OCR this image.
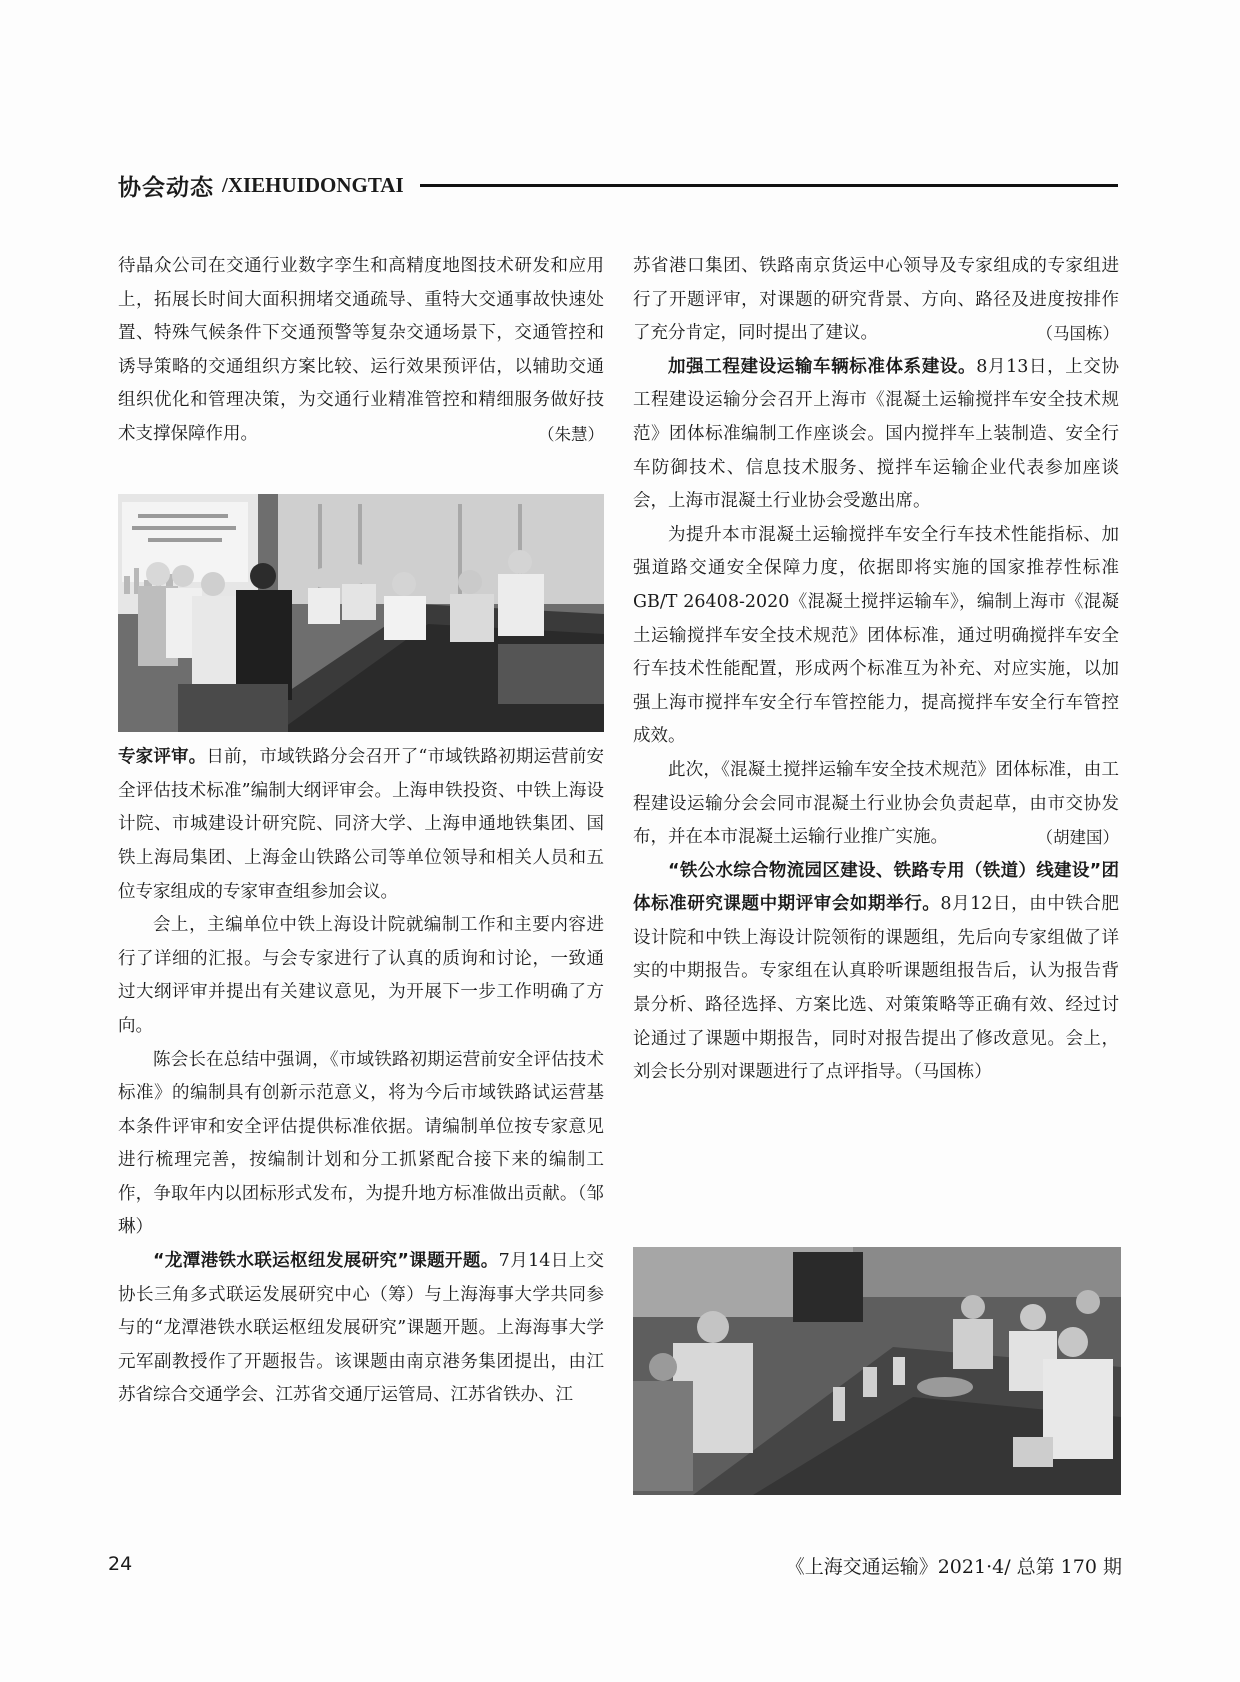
协会动态 /XIEHUIDONGTAI

待晶众公司在交通行业数字孪生和高精度地图技术研发和应用上，拓展长时间大面积拥堵交通疏导、重特大交通事故快速处置、特殊气候条件下交通预警等复杂交通场景下，交通管控和诱导策略的交通组织方案比较、运行效果预评估，以辅助交通组织优化和管理决策，为交通行业精准管控和精细服务做好技术支撑保障作用。	（朱慧）

专家评审。日前，市域铁路分会召开了“市域铁路初期运营前安全评估技术标准”编制大纲评审会。上海申铁投资、中铁上海设计院、市城建设计研究院、同济大学、上海申通地铁集团、国铁上海局集团、上海金山铁路公司等单位领导和相关人员和五位专家组成的专家审查组参加会议。

会上，主编单位中铁上海设计院就编制工作和主要内容进行了详细的汇报。与会专家进行了认真的质询和讨论，一致通过大纲评审并提出有关建议意见，为开展下一步工作明确了方向。

陈会长在总结中强调，《市域铁路初期运营前安全评估技术标准》的编制具有创新示范意义，将为今后市域铁路试运营基本条件评审和安全评估提供标准依据。请编制单位按专家意见进行梳理完善，按编制计划和分工抓紧配合接下来的编制工作，争取年内以团标形式发布，为提升地方标准做出贡献。（邹琳）

“龙潭港铁水联运枢纽发展研究”课题开题。7月14日上交协长三角多式联运发展研究中心（筹）与上海海事大学共同参与的“龙潭港铁水联运枢纽发展研究”课题开题。上海海事大学元军副教授作了开题报告。该课题由南京港务集团提出，由江苏省综合交通学会、江苏省交通厅运管局、江苏省铁办、江

苏省港口集团、铁路南京货运中心领导及专家组成的专家组进行了开题评审，对课题的研究背景、方向、路径及进度按排作了充分肯定，同时提出了建议。	（马国栋）

加强工程建设运输车辆标准体系建设。8月13日，上交协工程建设运输分会召开上海市《混凝土运输搅拌车安全技术规范》团体标准编制工作座谈会。国内搅拌车上装制造、安全行车防御技术、信息技术服务、搅拌车运输企业代表参加座谈会，上海市混凝土行业协会受邀出席。

为提升本市混凝土运输搅拌车安全行车技术性能指标、加强道路交通安全保障力度，依据即将实施的国家推荐性标准GB/T 26408-2020《混凝土搅拌运输车》，编制上海市《混凝土运输搅拌车安全技术规范》团体标准，通过明确搅拌车安全行车技术性能配置，形成两个标准互为补充、对应实施，以加强上海市搅拌车安全行车管控能力，提高搅拌车安全行车管控成效。

此次，《混凝土搅拌运输车安全技术规范》团体标准，由工程建设运输分会会同市混凝土行业协会负责起草，由市交协发布，并在本市混凝土运输行业推广实施。	（胡建国）

“铁公水综合物流园区建设、铁路专用（铁道）线建设”团体标准研究课题中期评审会如期举行。8月12日，由中铁合肥设计院和中铁上海设计院领衔的课题组，先后向专家组做了详实的中期报告。专家组在认真聆听课题组报告后，认为报告背景分析、路径选择、方案比选、对策策略等正确有效、经过讨论通过了课题中期报告，同时对报告提出了修改意见。会上，刘会长分别对课题进行了点评指导。（马国栋）

24	《上海交通运输》2021·4/ 总第 170 期
